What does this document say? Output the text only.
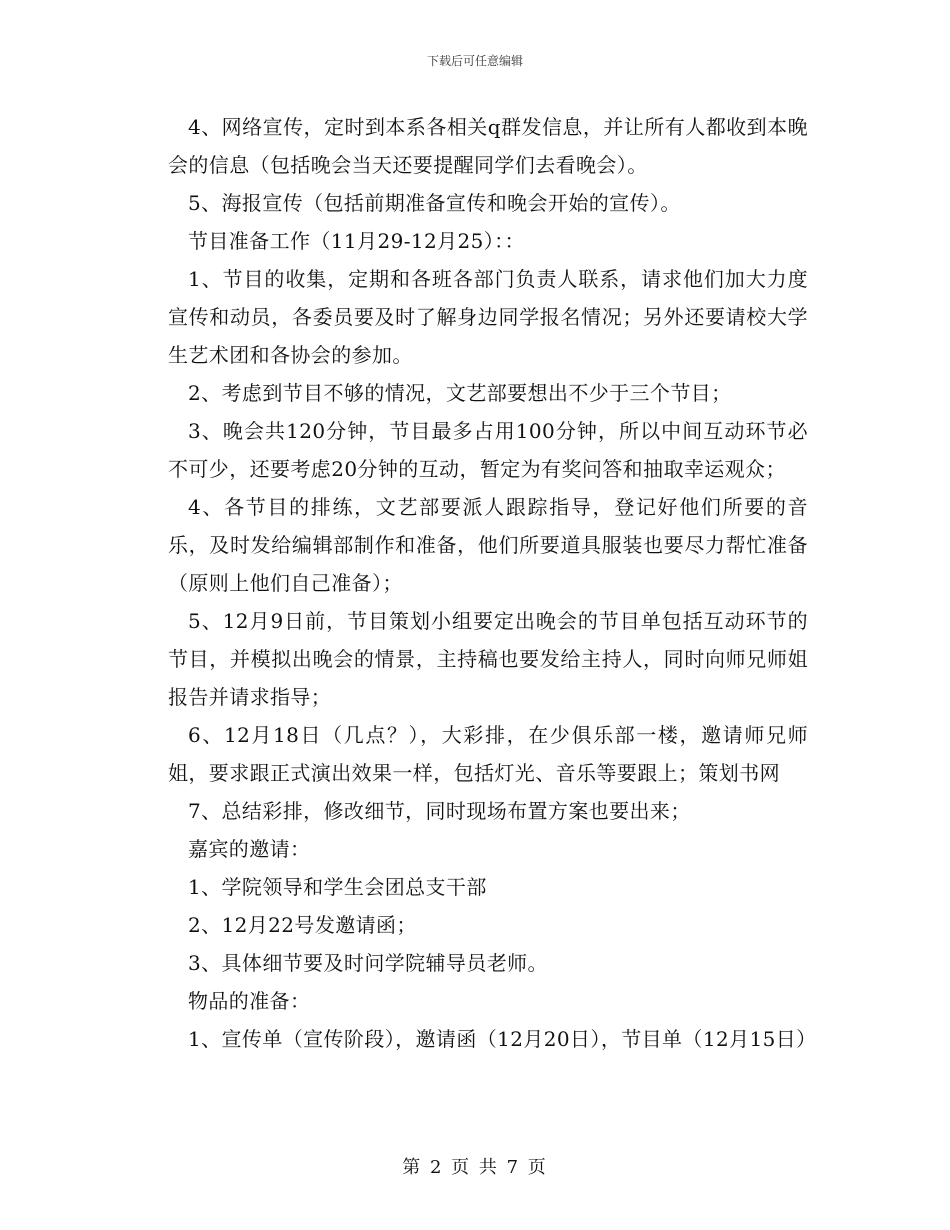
下载后可任意编辑

4、网络宣传，定时到本系各相关q群发信息，并让所有人都收到本晚会的信息（包括晚会当天还要提醒同学们去看晚会）。

5、海报宣传（包括前期准备宣传和晚会开始的宣传）。

节目准备工作（11月29-12月25）：：

1、节目的收集，定期和各班各部门负责人联系，请求他们加大力度宣传和动员，各委员要及时了解身边同学报名情况；另外还要请校大学生艺术团和各协会的参加。

2、考虑到节目不够的情况，文艺部要想出不少于三个节目；

3、晚会共120分钟，节目最多占用100分钟，所以中间互动环节必不可少，还要考虑20分钟的互动，暂定为有奖问答和抽取幸运观众；

4、各节目的排练，文艺部要派人跟踪指导，登记好他们所要的音乐，及时发给编辑部制作和准备，他们所要道具服装也要尽力帮忙准备（原则上他们自己准备）；

5、12月9日前，节目策划小组要定出晚会的节目单包括互动环节的节目，并模拟出晚会的情景，主持稿也要发给主持人，同时向师兄师姐报告并请求指导；

6、12月18日（几点？），大彩排，在少俱乐部一楼，邀请师兄师姐，要求跟正式演出效果一样，包括灯光、音乐等要跟上；策划书网

7、总结彩排，修改细节，同时现场布置方案也要出来；

嘉宾的邀请：

1、学院领导和学生会团总支干部

2、12月22号发邀请函；

3、具体细节要及时问学院辅导员老师。

物品的准备：

1、宣传单（宣传阶段），邀请函（12月20日），节目单（12月15日）

第 2 页 共 7 页
